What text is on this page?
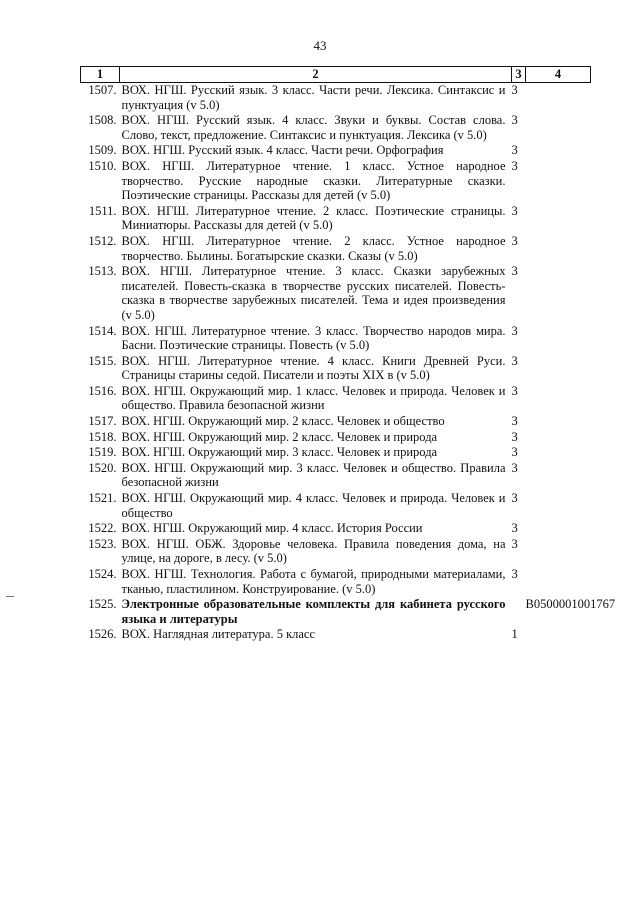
43
1	2	3	4
1507.	ВОХ. НГШ. Русский язык. 3 класс. Части речи. Лексика. Синтаксис и пунктуация (v 5.0)	3	
1508.	ВОХ. НГШ. Русский язык. 4 класс. Звуки и буквы. Состав слова. Слово, текст, предложение. Синтаксис и пунктуация. Лексика (v 5.0)	3	
1509.	ВОХ. НГШ. Русский язык. 4 класс. Части речи. Орфография	3	
1510.	ВОХ. НГШ. Литературное чтение. 1 класс. Устное народное творчество. Русские народные сказки. Литературные сказки. Поэтические страницы. Рассказы для детей (v 5.0)	3	
1511.	ВОХ. НГШ. Литературное чтение. 2 класс. Поэтические страницы. Миниатюры. Рассказы для детей (v 5.0)	3	
1512.	ВОХ. НГШ. Литературное чтение. 2 класс. Устное народное творчество. Былины. Богатырские сказки. Сказы (v 5.0)	3	
1513.	ВОХ. НГШ. Литературное чтение. 3 класс. Сказки зарубежных писателей. Повесть-сказка в творчестве русских писателей. Повесть-сказка в творчестве зарубежных писателей. Тема и идея произведения (v 5.0)	3	
1514.	ВОХ. НГШ. Литературное чтение. 3 класс. Творчество народов мира. Басни. Поэтические страницы. Повесть (v 5.0)	3	
1515.	ВОХ. НГШ. Литературное чтение. 4 класс. Книги Древней Руси. Страницы старины седой. Писатели и поэты XIX в (v 5.0)	3	
1516.	ВОХ. НГШ. Окружающий мир. 1 класс. Человек и природа. Человек и общество. Правила безопасной жизни	3	
1517.	ВОХ. НГШ. Окружающий мир. 2 класс. Человек и общество	3	
1518.	ВОХ. НГШ. Окружающий мир. 2 класс. Человек и природа	3	
1519.	ВОХ. НГШ. Окружающий мир. 3 класс. Человек и природа	3	
1520.	ВОХ. НГШ. Окружающий мир. 3 класс. Человек и общество. Правила безопасной жизни	3	
1521.	ВОХ. НГШ. Окружающий мир. 4 класс. Человек и природа. Человек и общество	3	
1522.	ВОХ. НГШ. Окружающий мир. 4 класс. История России	3	
1523.	ВОХ. НГШ. ОБЖ. Здоровье человека. Правила поведения дома, на улице, на дороге, в лесу. (v 5.0)	3	
1524.	ВОХ. НГШ. Технология. Работа с бумагой, природными материалами, тканью, пластилином. Конструирование. (v 5.0)	3	
1525.	Электронные образовательные комплекты для кабинета русского языка и литературы		B0500001001767
1526.	ВОХ. Наглядная литература. 5 класс	1	
